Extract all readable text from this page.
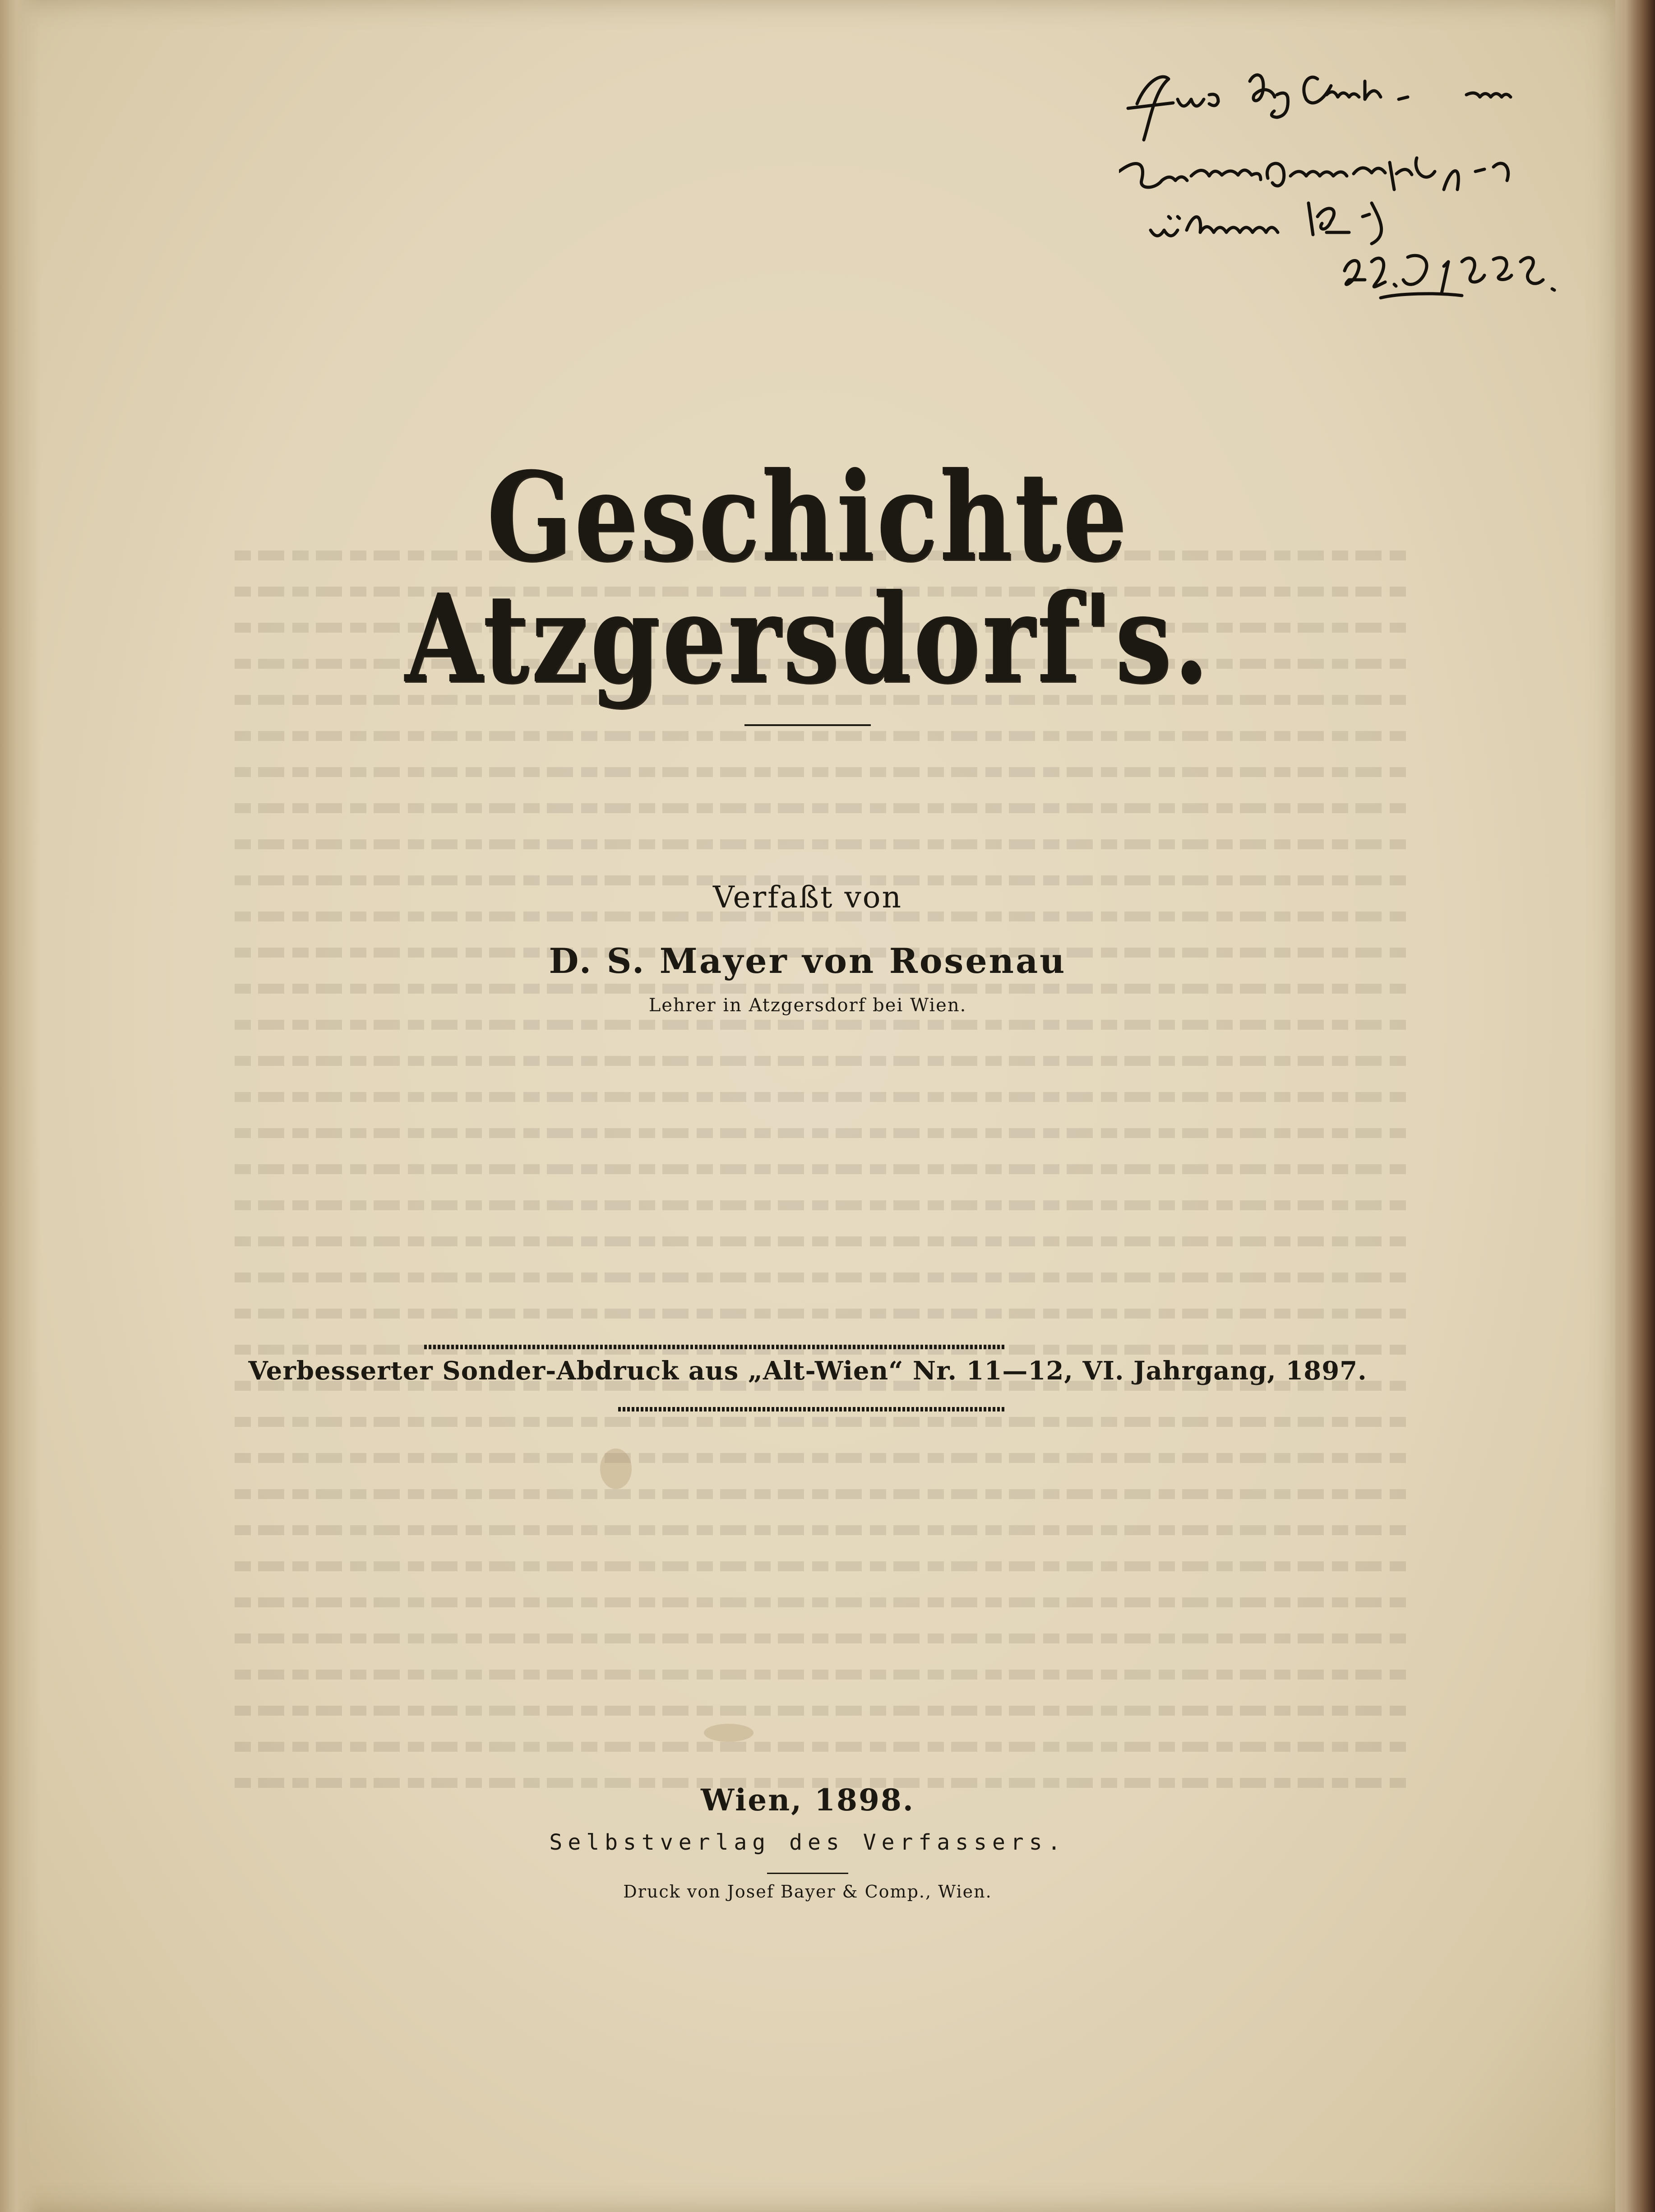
Geschichte Atzgersdorf's.
Verfaßt von
D. S. Mayer von Rosenau
Lehrer in Atzgersdorf bei Wien.
Verbesserter Sonder-Abdruck aus „Alt-Wien“ Nr. 11—12, VI. Jahrgang, 1897.
Wien, 1898.
Selbstverlag des Verfassers.
Druck von Josef Bayer & Comp., Wien.
